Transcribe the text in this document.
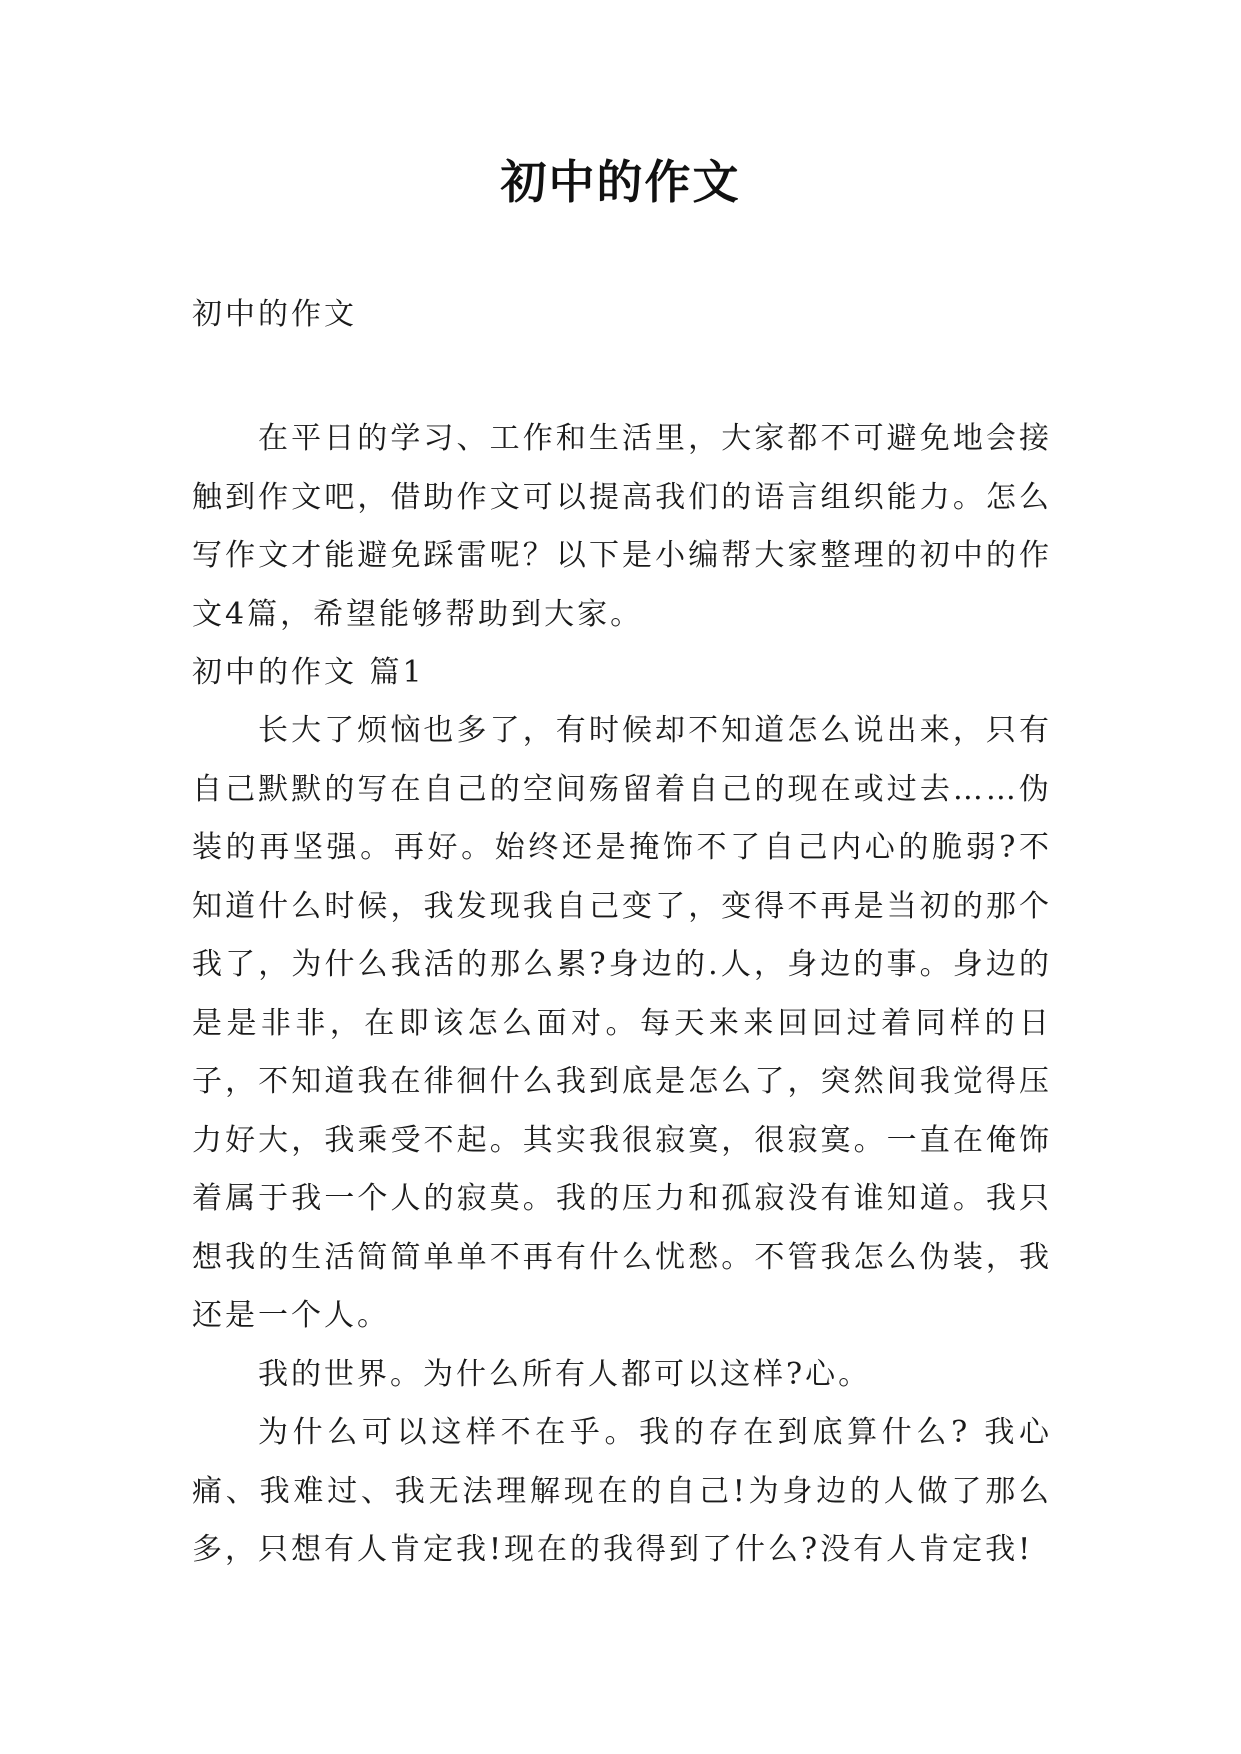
初中的作文

初中的作文

在平日的学习、工作和生活里，大家都不可避免地会接触到作文吧，借助作文可以提高我们的语言组织能力。怎么写作文才能避免踩雷呢？以下是小编帮大家整理的初中的作文4篇，希望能够帮助到大家。

初中的作文 篇1

长大了烦恼也多了，有时候却不知道怎么说出来，只有自己默默的写在自己的空间殇留着自己的现在或过去……伪装的再坚强。再好。始终还是掩饰不了自己内心的脆弱?不知道什么时候，我发现我自己变了，变得不再是当初的那个我了，为什么我活的那么累?身边的.人，身边的事。身边的是是非非，在即该怎么面对。每天来来回回过着同样的日子，不知道我在徘徊什么我到底是怎么了，突然间我觉得压力好大，我乘受不起。其实我很寂寞，很寂寞。一直在俺饰着属于我一个人的寂莫。我的压力和孤寂没有谁知道。我只想我的生活简简单单不再有什么忧愁。不管我怎么伪装，我还是一个人。

我的世界。为什么所有人都可以这样?心。

为什么可以这样不在乎。我的存在到底算什么? 我心痛、我难过、我无法理解现在的自己!为身边的人做了那么多，只想有人肯定我!现在的我得到了什么?没有人肯定我!
